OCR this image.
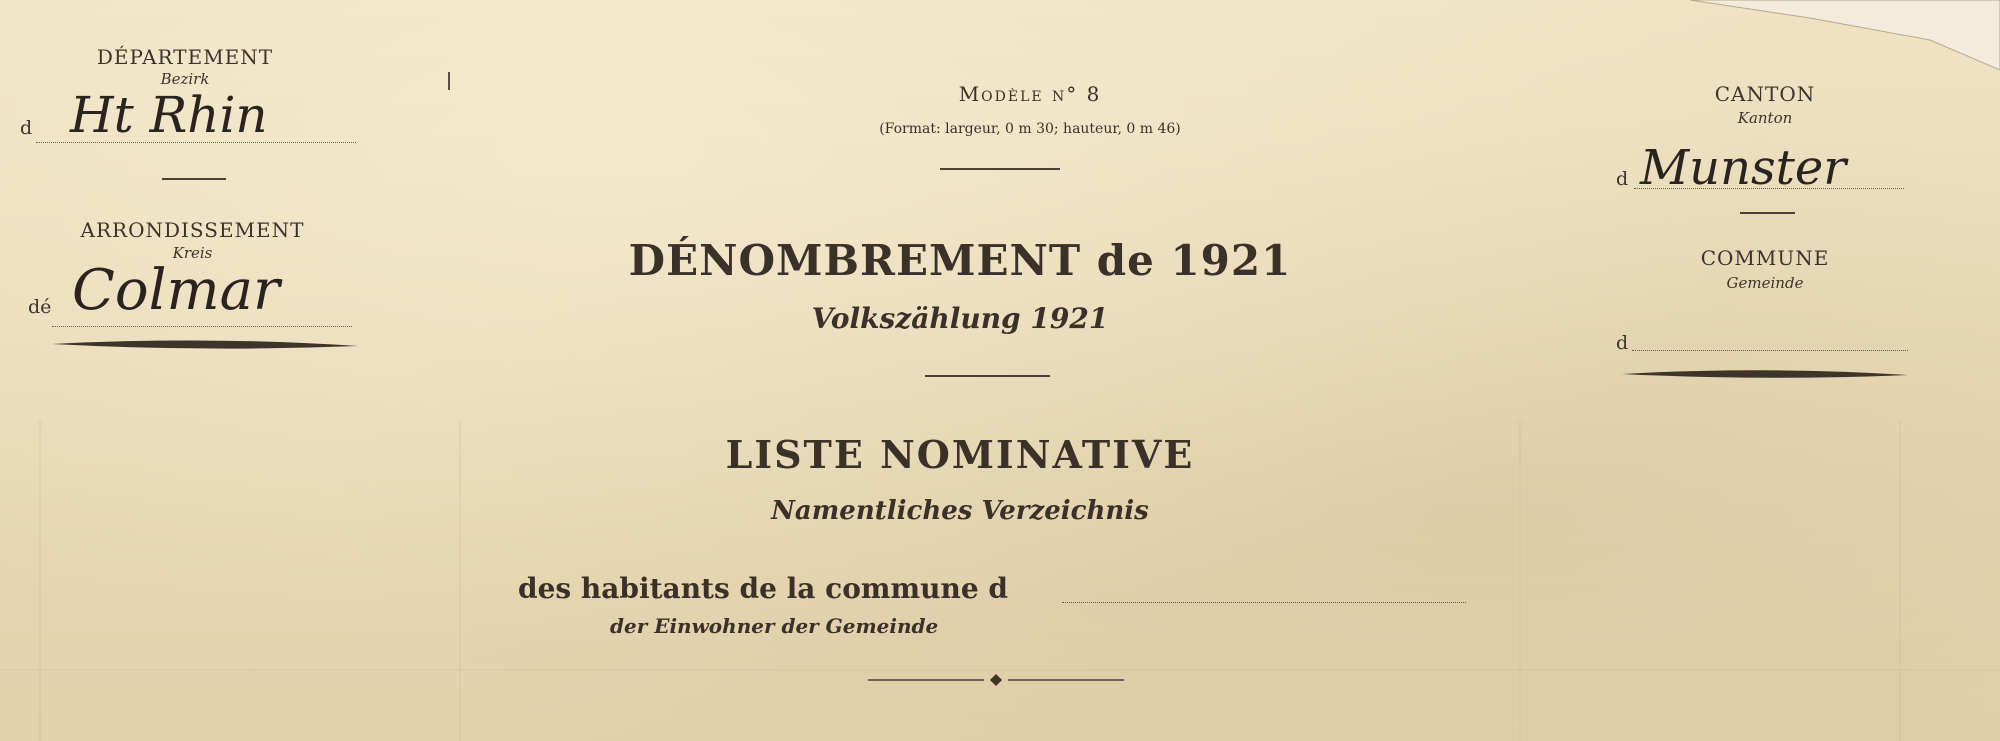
DÉPARTEMENT
Bezirk
d Ht Rhin
ARRONDISSEMENT
Kreis
dé Colmar
Modèle n° 8
(Format: largeur, 0 m 30; hauteur, 0 m 46)
DÉNOMBREMENT de 1921
Volkszählung 1921
LISTE NOMINATIVE
Namentliches Verzeichnis
des habitants de la commune d
der Einwohner der Gemeinde
CANTON
Kanton
d Munster
COMMUNE
Gemeinde
d
